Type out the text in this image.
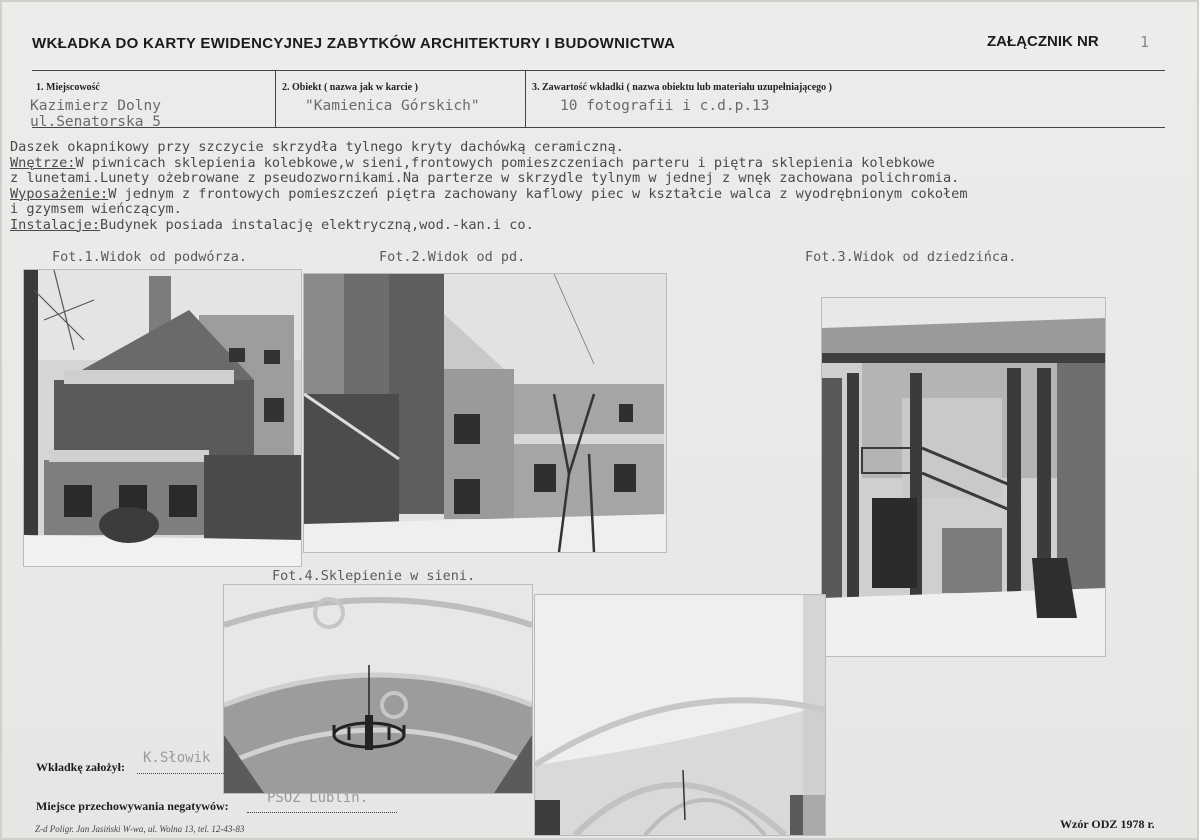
WKŁADKA DO KARTY EWIDENCYJNEJ ZABYTKÓW ARCHITEKTURY I BUDOWNICTWA	ZAŁĄCZNIK NR	1
1. Miejscowość
Kazimierz Dolny
ul.Senatorska 5
2. Obiekt ( nazwa jak w karcie )
"Kamienica Górskich"
3. Zawartość wkładki ( nazwa obiektu lub materiału uzupełniającego )
10 fotografii i c.d.p.13
Daszek okapnikowy przy szczycie skrzydła tylnego kryty dachówką ceramiczną.
Wnętrze:W piwnicach sklepienia kolebkowe,w sieni,frontowych pomieszczeniach parteru i piętra sklepienia kolebkowe
z lunetami.Lunety ożebrowane z pseudozwornikami.Na parterze w skrzydle tylnym w jednej z wnęk zachowana polichromia.
Wyposażenie:W jednym z frontowych pomieszczeń piętra zachowany kaflowy piec w kształcie walca z wyodrębnionym cokołem
i gzymsem wieńczącym.
Instalacje:Budynek posiada instalację elektryczną,wod.-kan.i co.
Fot.1.Widok od podwórza.	Fot.2.Widok od pd.	Fot.3.Widok od dziedzińca.
Fot.4.Sklepienie w sieni.

Wkładkę założył:
K.Słowik
Miejsce przechowywania negatywów:	PSOZ Lublin.
Z-d Poligr. Jan Jasiński W-wa, ul. Wolna 13, tel. 12-43-83	Wzór ODZ 1978 r.
